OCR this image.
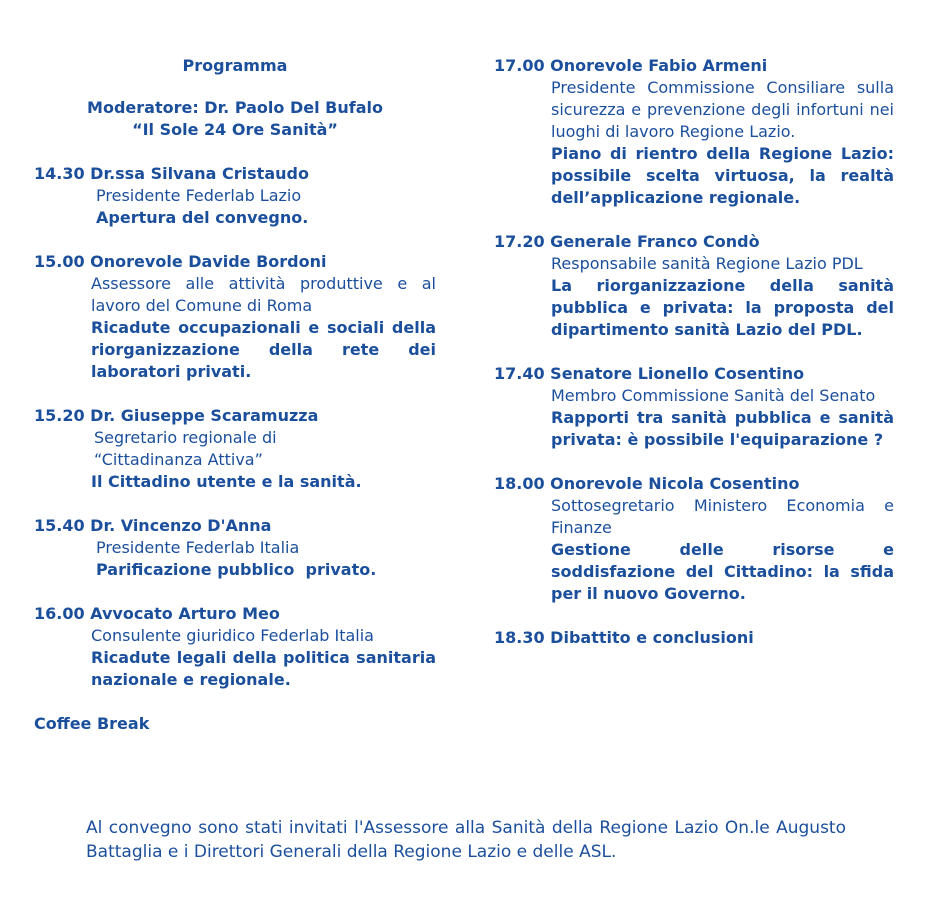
Programma
Moderatore: Dr. Paolo Del Bufalo
“Il Sole 24 Ore Sanità”
14.30 Dr.ssa Silvana Cristaudo
Presidente Federlab Lazio
Apertura del convegno.
15.00 Onorevole Davide Bordoni
Assessore alle attività produttive e al lavoro del Comune di Roma
Ricadute occupazionali e sociali della riorganizzazione della rete dei laboratori privati.
15.20 Dr. Giuseppe Scaramuzza
Segretario regionale di “Cittadinanza Attiva”
Il Cittadino utente e la sanità.
15.40 Dr. Vincenzo D'Anna
Presidente Federlab Italia
Parificazione pubblico  privato.
16.00 Avvocato Arturo Meo
Consulente giuridico Federlab Italia
Ricadute legali della politica sanitaria nazionale e regionale.
Coffee Break
17.00 Onorevole Fabio Armeni
Presidente Commissione Consiliare sulla sicurezza e prevenzione degli infortuni nei luoghi di lavoro Regione Lazio.
Piano di rientro della Regione Lazio: possibile scelta virtuosa, la realtà dell’applicazione regionale.
17.20 Generale Franco Condò
Responsabile sanità Regione Lazio PDL
La riorganizzazione della sanità pubblica e privata: la proposta del dipartimento sanità Lazio del PDL.
17.40 Senatore Lionello Cosentino
Membro Commissione Sanità del Senato
Rapporti tra sanità pubblica e sanità privata: è possibile l'equiparazione ?
18.00 Onorevole Nicola Cosentino
Sottosegretario Ministero Economia e Finanze
Gestione delle risorse e soddisfazione del Cittadino: la sfida per il nuovo Governo.
18.30 Dibattito e conclusioni
Al convegno sono stati invitati l'Assessore alla Sanità della Regione Lazio On.le Augusto Battaglia e i Direttori Generali della Regione Lazio e delle ASL.
